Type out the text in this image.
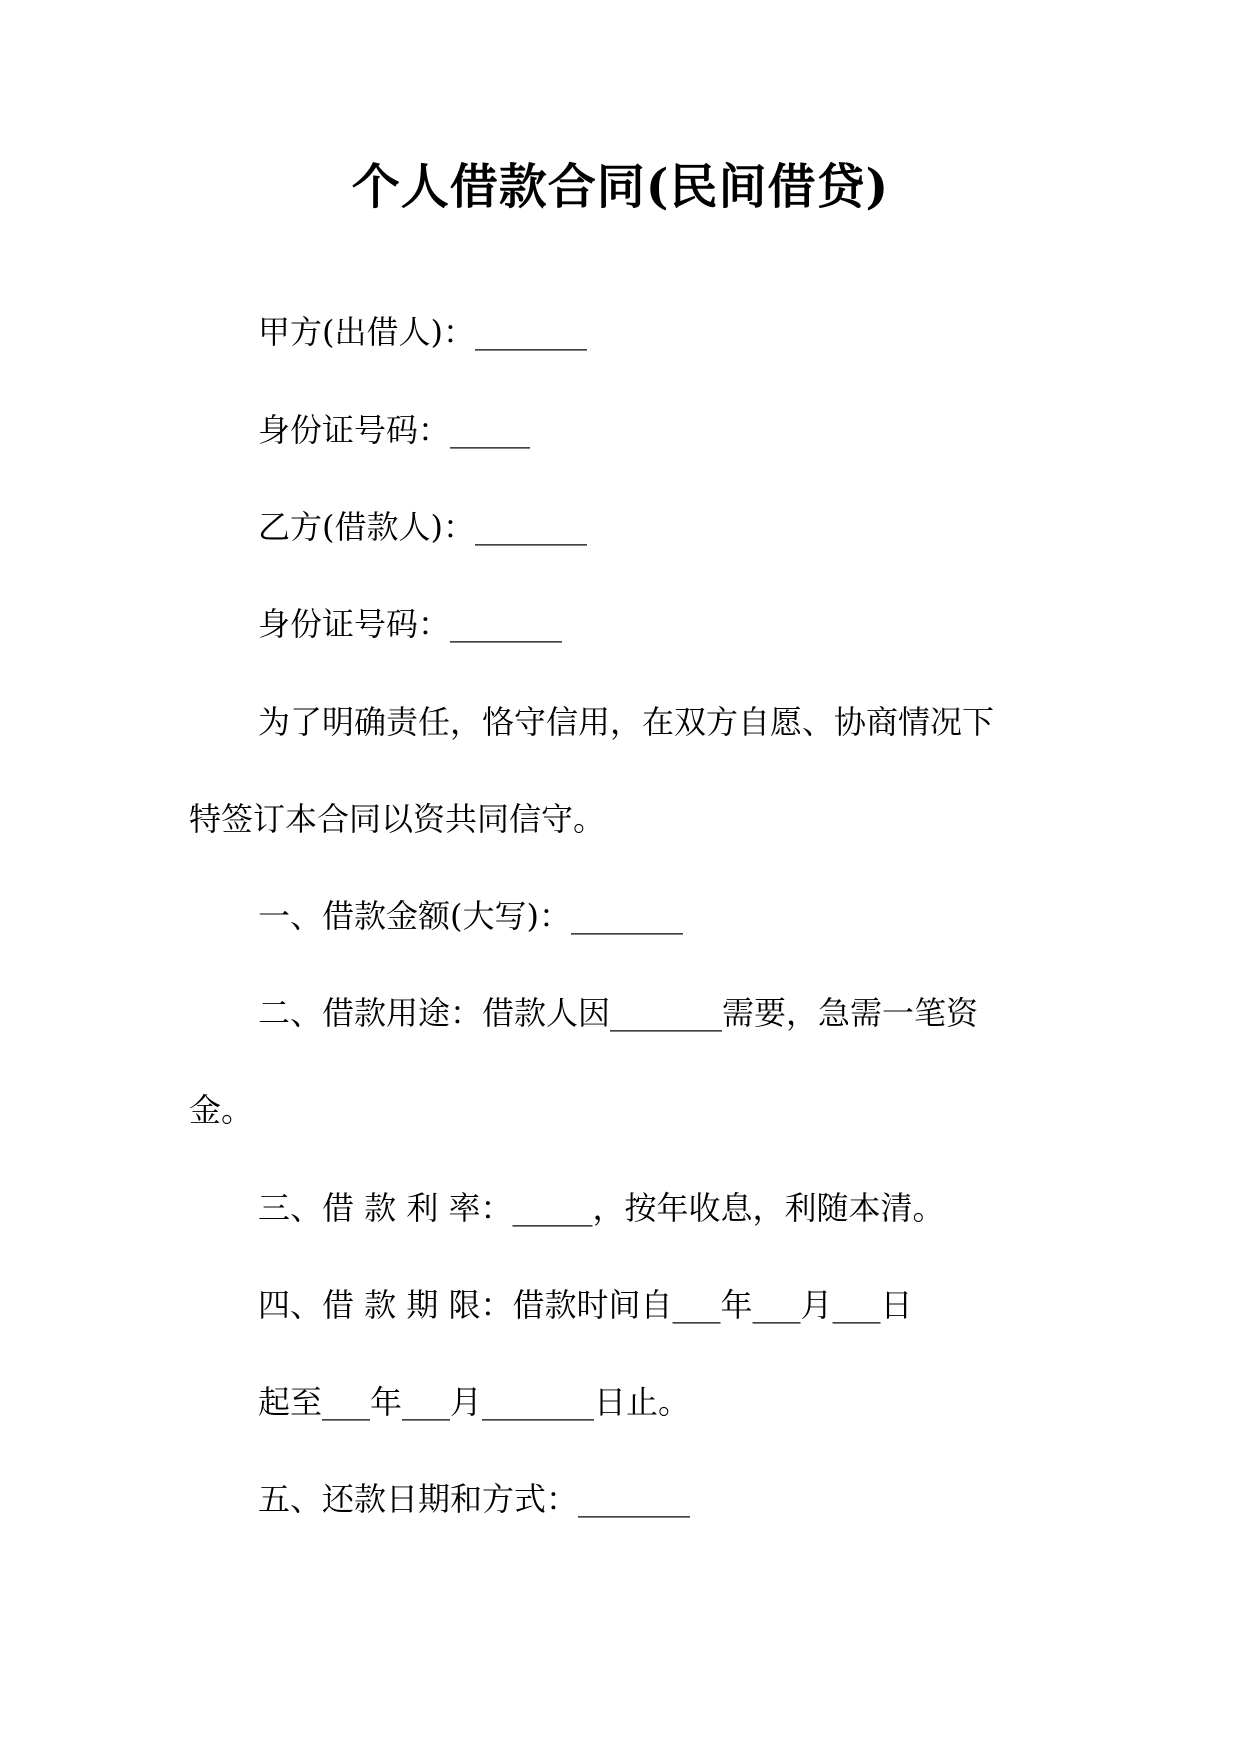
个人借款合同(民间借贷)
甲方(出借人)：_______
身份证号码：_____
乙方(借款人)：_______
身份证号码：_______
为了明确责任，恪守信用，在双方自愿、协商情况下
特签订本合同以资共同信守。
一、借款金额(大写)：_______
二、借款用途：借款人因_______需要，急需一笔资
金。
三、借 款 利 率：_____，按年收息，利随本清。
四、借 款 期 限：借款时间自___年___月___日
起至___年___月_______日止。
五、还款日期和方式：_______
